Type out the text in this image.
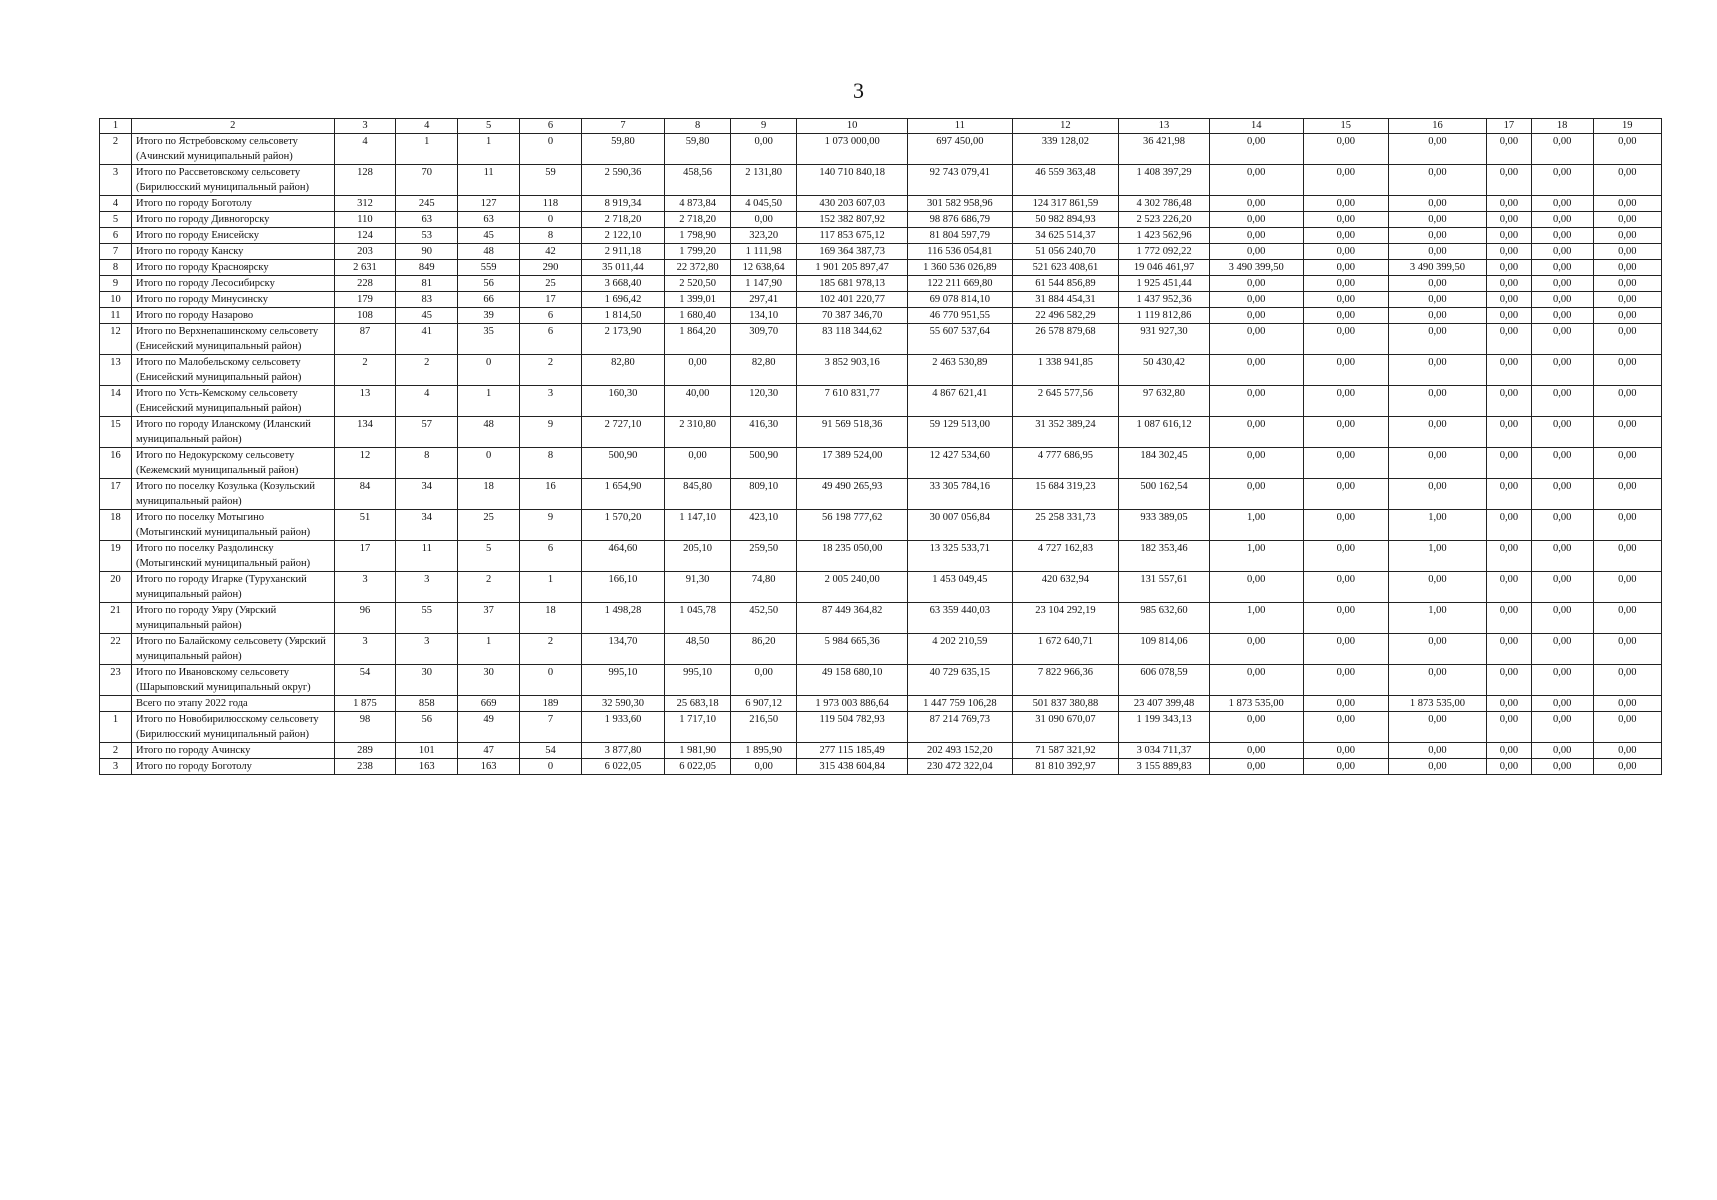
3
1	2	3	4	5	6	7	8	9	10	11	12	13	14	15	16	17	18	19
2	Итого по Ястребовскому сельсовету (Ачинский муниципальный район)	4	1	1	0	59,80	59,80	0,00	1 073 000,00	697 450,00	339 128,02	36 421,98	0,00	0,00	0,00	0,00	0,00	0,00
3	Итого по Рассветовскому сельсовету (Бирилюсский муниципальный район)	128	70	11	59	2 590,36	458,56	2 131,80	140 710 840,18	92 743 079,41	46 559 363,48	1 408 397,29	0,00	0,00	0,00	0,00	0,00	0,00
4	Итого по городу Боготолу	312	245	127	118	8 919,34	4 873,84	4 045,50	430 203 607,03	301 582 958,96	124 317 861,59	4 302 786,48	0,00	0,00	0,00	0,00	0,00	0,00
5	Итого по городу Дивногорску	110	63	63	0	2 718,20	2 718,20	0,00	152 382 807,92	98 876 686,79	50 982 894,93	2 523 226,20	0,00	0,00	0,00	0,00	0,00	0,00
6	Итого по городу Енисейску	124	53	45	8	2 122,10	1 798,90	323,20	117 853 675,12	81 804 597,79	34 625 514,37	1 423 562,96	0,00	0,00	0,00	0,00	0,00	0,00
7	Итого по городу Канску	203	90	48	42	2 911,18	1 799,20	1 111,98	169 364 387,73	116 536 054,81	51 056 240,70	1 772 092,22	0,00	0,00	0,00	0,00	0,00	0,00
8	Итого по городу Красноярску	2 631	849	559	290	35 011,44	22 372,80	12 638,64	1 901 205 897,47	1 360 536 026,89	521 623 408,61	19 046 461,97	3 490 399,50	0,00	3 490 399,50	0,00	0,00	0,00
9	Итого по городу Лесосибирску	228	81	56	25	3 668,40	2 520,50	1 147,90	185 681 978,13	122 211 669,80	61 544 856,89	1 925 451,44	0,00	0,00	0,00	0,00	0,00	0,00
10	Итого по городу Минусинску	179	83	66	17	1 696,42	1 399,01	297,41	102 401 220,77	69 078 814,10	31 884 454,31	1 437 952,36	0,00	0,00	0,00	0,00	0,00	0,00
11	Итого по городу Назарово	108	45	39	6	1 814,50	1 680,40	134,10	70 387 346,70	46 770 951,55	22 496 582,29	1 119 812,86	0,00	0,00	0,00	0,00	0,00	0,00
12	Итого по Верхнепашинскому сельсовету (Енисейский муниципальный район)	87	41	35	6	2 173,90	1 864,20	309,70	83 118 344,62	55 607 537,64	26 578 879,68	931 927,30	0,00	0,00	0,00	0,00	0,00	0,00
13	Итого по Малобельскому сельсовету (Енисейский муниципальный район)	2	2	0	2	82,80	0,00	82,80	3 852 903,16	2 463 530,89	1 338 941,85	50 430,42	0,00	0,00	0,00	0,00	0,00	0,00
14	Итого по Усть-Кемскому сельсовету (Енисейский муниципальный район)	13	4	1	3	160,30	40,00	120,30	7 610 831,77	4 867 621,41	2 645 577,56	97 632,80	0,00	0,00	0,00	0,00	0,00	0,00
15	Итого по городу Иланскому (Иланский муниципальный район)	134	57	48	9	2 727,10	2 310,80	416,30	91 569 518,36	59 129 513,00	31 352 389,24	1 087 616,12	0,00	0,00	0,00	0,00	0,00	0,00
16	Итого по Недокурскому сельсовету (Кежемский муниципальный район)	12	8	0	8	500,90	0,00	500,90	17 389 524,00	12 427 534,60	4 777 686,95	184 302,45	0,00	0,00	0,00	0,00	0,00	0,00
17	Итого по поселку Козулька (Козульский муниципальный район)	84	34	18	16	1 654,90	845,80	809,10	49 490 265,93	33 305 784,16	15 684 319,23	500 162,54	0,00	0,00	0,00	0,00	0,00	0,00
18	Итого по поселку Мотыгино (Мотыгинский муниципальный район)	51	34	25	9	1 570,20	1 147,10	423,10	56 198 777,62	30 007 056,84	25 258 331,73	933 389,05	1,00	0,00	1,00	0,00	0,00	0,00
19	Итого по поселку Раздолинску (Мотыгинский муниципальный район)	17	11	5	6	464,60	205,10	259,50	18 235 050,00	13 325 533,71	4 727 162,83	182 353,46	1,00	0,00	1,00	0,00	0,00	0,00
20	Итого по городу Игарке (Туруханский муниципальный район)	3	3	2	1	166,10	91,30	74,80	2 005 240,00	1 453 049,45	420 632,94	131 557,61	0,00	0,00	0,00	0,00	0,00	0,00
21	Итого по городу Уяру (Уярский муниципальный район)	96	55	37	18	1 498,28	1 045,78	452,50	87 449 364,82	63 359 440,03	23 104 292,19	985 632,60	1,00	0,00	1,00	0,00	0,00	0,00
22	Итого по Балайскому сельсовету (Уярский муниципальный район)	3	3	1	2	134,70	48,50	86,20	5 984 665,36	4 202 210,59	1 672 640,71	109 814,06	0,00	0,00	0,00	0,00	0,00	0,00
23	Итого по Ивановскому сельсовету (Шарыповский муниципальный округ)	54	30	30	0	995,10	995,10	0,00	49 158 680,10	40 729 635,15	7 822 966,36	606 078,59	0,00	0,00	0,00	0,00	0,00	0,00
	Всего по этапу 2022 года	1 875	858	669	189	32 590,30	25 683,18	6 907,12	1 973 003 886,64	1 447 759 106,28	501 837 380,88	23 407 399,48	1 873 535,00	0,00	1 873 535,00	0,00	0,00	0,00
1	Итого по Новобирилюсскому сельсовету (Бирилюсский муниципальный район)	98	56	49	7	1 933,60	1 717,10	216,50	119 504 782,93	87 214 769,73	31 090 670,07	1 199 343,13	0,00	0,00	0,00	0,00	0,00	0,00
2	Итого по городу Ачинску	289	101	47	54	3 877,80	1 981,90	1 895,90	277 115 185,49	202 493 152,20	71 587 321,92	3 034 711,37	0,00	0,00	0,00	0,00	0,00	0,00
3	Итого по городу Боготолу	238	163	163	0	6 022,05	6 022,05	0,00	315 438 604,84	230 472 322,04	81 810 392,97	3 155 889,83	0,00	0,00	0,00	0,00	0,00	0,00
